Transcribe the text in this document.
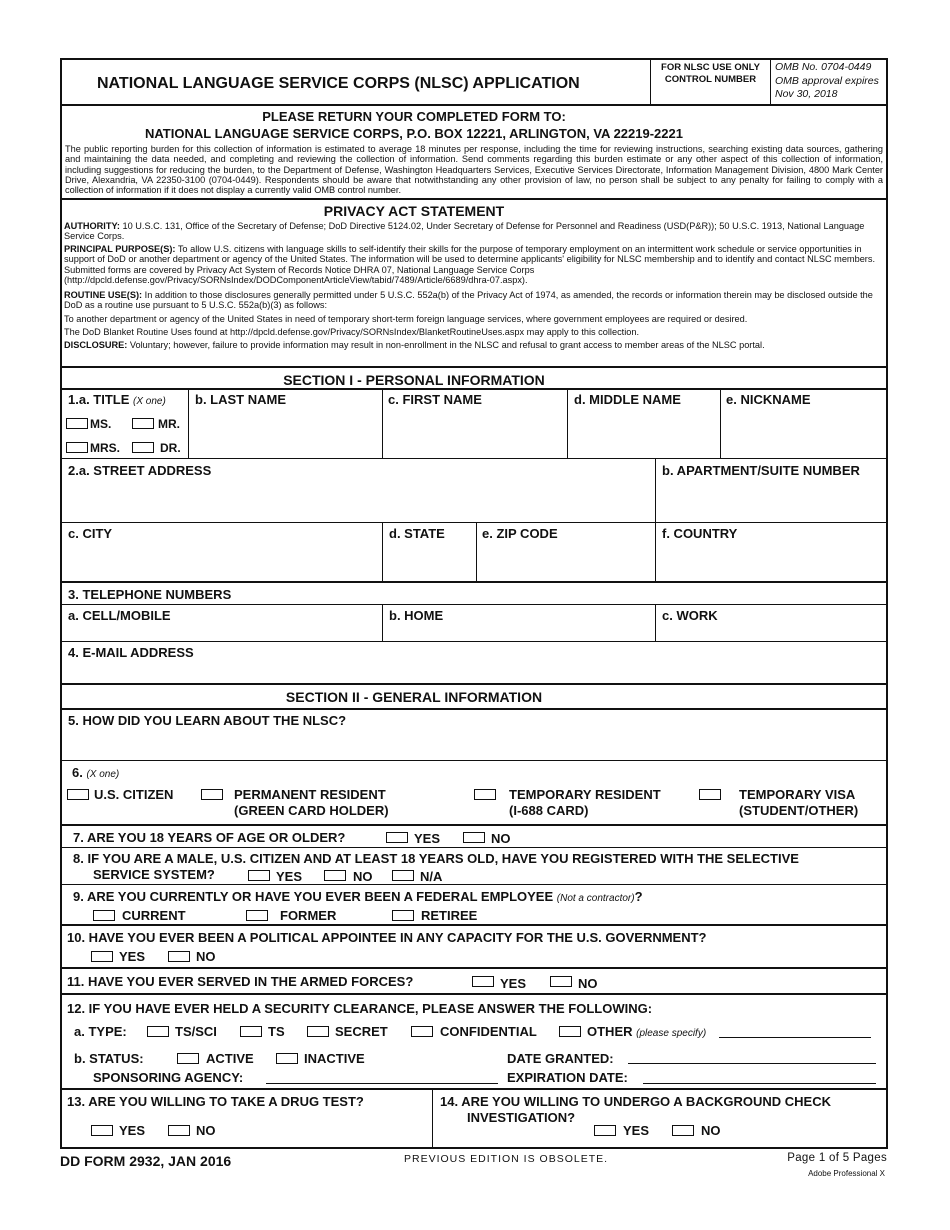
NATIONAL LANGUAGE SERVICE CORPS (NLSC) APPLICATION
FOR NLSC USE ONLY
CONTROL NUMBER
OMB No. 0704-0449
OMB approval expires
Nov 30, 2018
PLEASE RETURN YOUR COMPLETED FORM TO:
NATIONAL LANGUAGE SERVICE CORPS, P.O. BOX 12221, ARLINGTON, VA 22219-2221
The public reporting burden for this collection of information is estimated to average 18 minutes per response, including the time for reviewing instructions, searching existing data sources, gathering and maintaining the data needed, and completing and reviewing the collection of information. Send comments regarding this burden estimate or any other aspect of this collection of information, including suggestions for reducing the burden, to the Department of Defense, Washington Headquarters Services, Executive Services Directorate, Information Management Division, 4800 Mark Center Drive, Alexandria, VA 22350-3100 (0704-0449). Respondents should be aware that notwithstanding any other provision of law, no person shall be subject to any penalty for failing to comply with a collection of information if it does not display a currently valid OMB control number.
PRIVACY ACT STATEMENT
AUTHORITY: 10 U.S.C. 131, Office of the Secretary of Defense; DoD Directive 5124.02, Under Secretary of Defense for Personnel and Readiness (USD(P&R)); 50 U.S.C. 1913, National Language Service Corps.
PRINCIPAL PURPOSE(S): To allow U.S. citizens with language skills to self-identify their skills for the purpose of temporary employment on an intermittent work schedule or service opportunities in support of DoD or another department or agency of the United States. The information will be used to determine applicants' eligibility for NLSC membership and to identify and contact NLSC members. Submitted forms are covered by Privacy Act System of Records Notice DHRA 07, National Language Service Corps (http://dpcld.defense.gov/Privacy/SORNsIndex/DODComponentArticleView/tabid/7489/Article/6689/dhra-07.aspx).
ROUTINE USE(S): In addition to those disclosures generally permitted under 5 U.S.C. 552a(b) of the Privacy Act of 1974, as amended, the records or information therein may be disclosed outside the DoD as a routine use pursuant to 5 U.S.C. 552a(b)(3) as follows:
To another department or agency of the United States in need of temporary short-term foreign language services, where government employees are required or desired.
The DoD Blanket Routine Uses found at http://dpcld.defense.gov/Privacy/SORNsIndex/BlanketRoutineUses.aspx may apply to this collection.
DISCLOSURE: Voluntary; however, failure to provide information may result in non-enrollment in the NLSC and refusal to grant access to member areas of the NLSC portal.
SECTION I - PERSONAL INFORMATION
1.a. TITLE (X one)
MS.	MR.
MRS.	DR.
b. LAST NAME	c. FIRST NAME	d. MIDDLE NAME	e. NICKNAME
2.a. STREET ADDRESS	b. APARTMENT/SUITE NUMBER
c. CITY	d. STATE	e. ZIP CODE	f. COUNTRY
3. TELEPHONE NUMBERS
a. CELL/MOBILE	b. HOME	c. WORK
4. E-MAIL ADDRESS
SECTION II - GENERAL INFORMATION
5. HOW DID YOU LEARN ABOUT THE NLSC?
6. (X one)
U.S. CITIZEN	PERMANENT RESIDENT
(GREEN CARD HOLDER)
TEMPORARY RESIDENT
(I-688 CARD)
TEMPORARY VISA
(STUDENT/OTHER)
7. ARE YOU 18 YEARS OF AGE OR OLDER?	YES	NO
8. IF YOU ARE A MALE, U.S. CITIZEN AND AT LEAST 18 YEARS OLD, HAVE YOU REGISTERED WITH THE SELECTIVE
SERVICE SYSTEM?	YES	NO	N/A
9. ARE YOU CURRENTLY OR HAVE YOU EVER BEEN A FEDERAL EMPLOYEE (Not a contractor)?
CURRENT	FORMER	RETIREE
10. HAVE YOU EVER BEEN A POLITICAL APPOINTEE IN ANY CAPACITY FOR THE U.S. GOVERNMENT?
YES	NO
11. HAVE YOU EVER SERVED IN THE ARMED FORCES?	YES	NO
12. IF YOU HAVE EVER HELD A SECURITY CLEARANCE, PLEASE ANSWER THE FOLLOWING:
a. TYPE:	TS/SCI	TS	SECRET	CONFIDENTIAL	OTHER (please specify)
b. STATUS:	ACTIVE	INACTIVE	DATE GRANTED:
SPONSORING AGENCY:	EXPIRATION DATE:
13. ARE YOU WILLING TO TAKE A DRUG TEST?
YES	NO
14. ARE YOU WILLING TO UNDERGO A BACKGROUND CHECK
INVESTIGATION?
YES	NO
DD FORM 2932, JAN 2016	PREVIOUS EDITION IS OBSOLETE.	Page 1 of 5 Pages
Adobe Professional X
